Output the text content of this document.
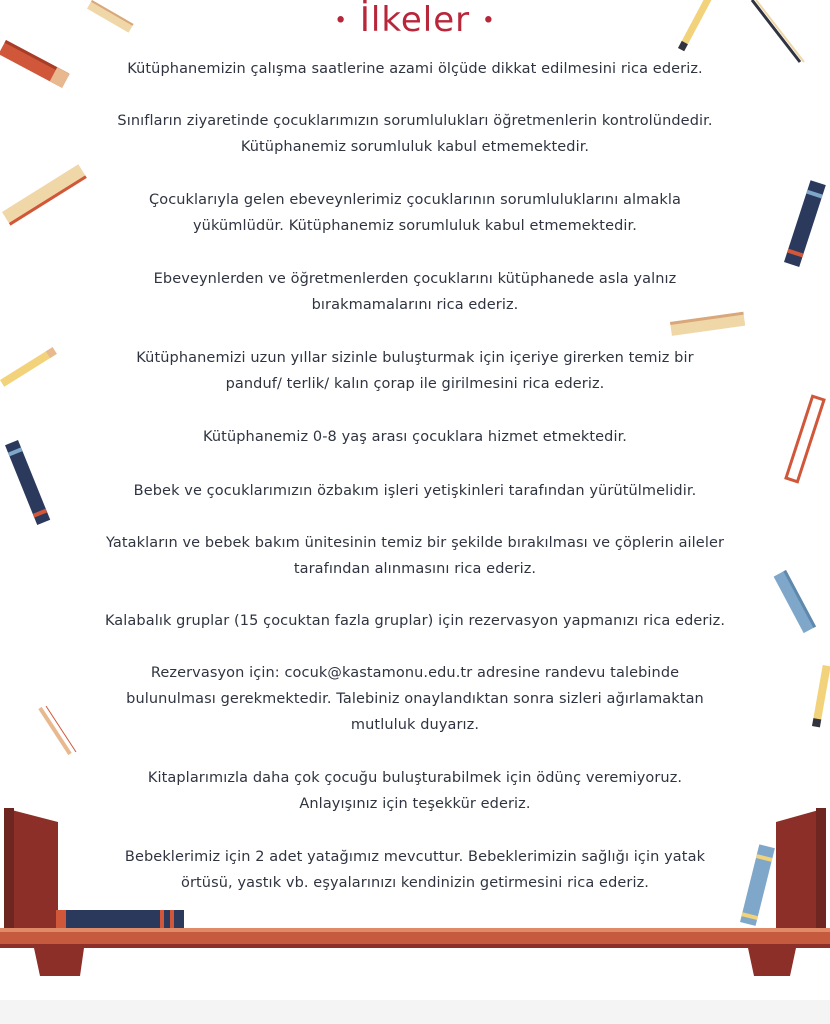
• İlkeler •
Kütüphanemizin çalışma saatlerine azami ölçüde dikkat edilmesini rica ederiz.
Sınıfların ziyaretinde çocuklarımızın sorumlulukları öğretmenlerin kontrolündedir.
Kütüphanemiz sorumluluk kabul etmemektedir.
Çocuklarıyla gelen ebeveynlerimiz çocuklarının sorumluluklarını almakla
yükümlüdür. Kütüphanemiz sorumluluk kabul etmemektedir.
Ebeveynlerden ve öğretmenlerden çocuklarını kütüphanede asla yalnız
bırakmamalarını rica ederiz.
Kütüphanemizi uzun yıllar sizinle buluşturmak için içeriye girerken temiz bir
panduf/ terlik/ kalın çorap ile girilmesini rica ederiz.
Kütüphanemiz 0-8 yaş arası çocuklara hizmet etmektedir.
Bebek ve çocuklarımızın özbakım işleri yetişkinleri tarafından yürütülmelidir.
Yatakların ve bebek bakım ünitesinin temiz bir şekilde bırakılması ve çöplerin aileler
tarafından alınmasını rica ederiz.
Kalabalık gruplar (15 çocuktan fazla gruplar) için rezervasyon yapmanızı rica ederiz.
Rezervasyon için: cocuk@kastamonu.edu.tr adresine randevu talebinde
bulunulması gerekmektedir. Talebiniz onaylandıktan sonra sizleri ağırlamaktan
mutluluk duyarız.
Kitaplarımızla daha çok çocuğu buluşturabilmek için ödünç veremiyoruz.
Anlayışınız için teşekkür ederiz.
Bebeklerimiz için 2 adet yatağımız mevcuttur. Bebeklerimizin sağlığı için yatak
örtüsü, yastık vb. eşyalarınızı kendinizin getirmesini rica ederiz.
